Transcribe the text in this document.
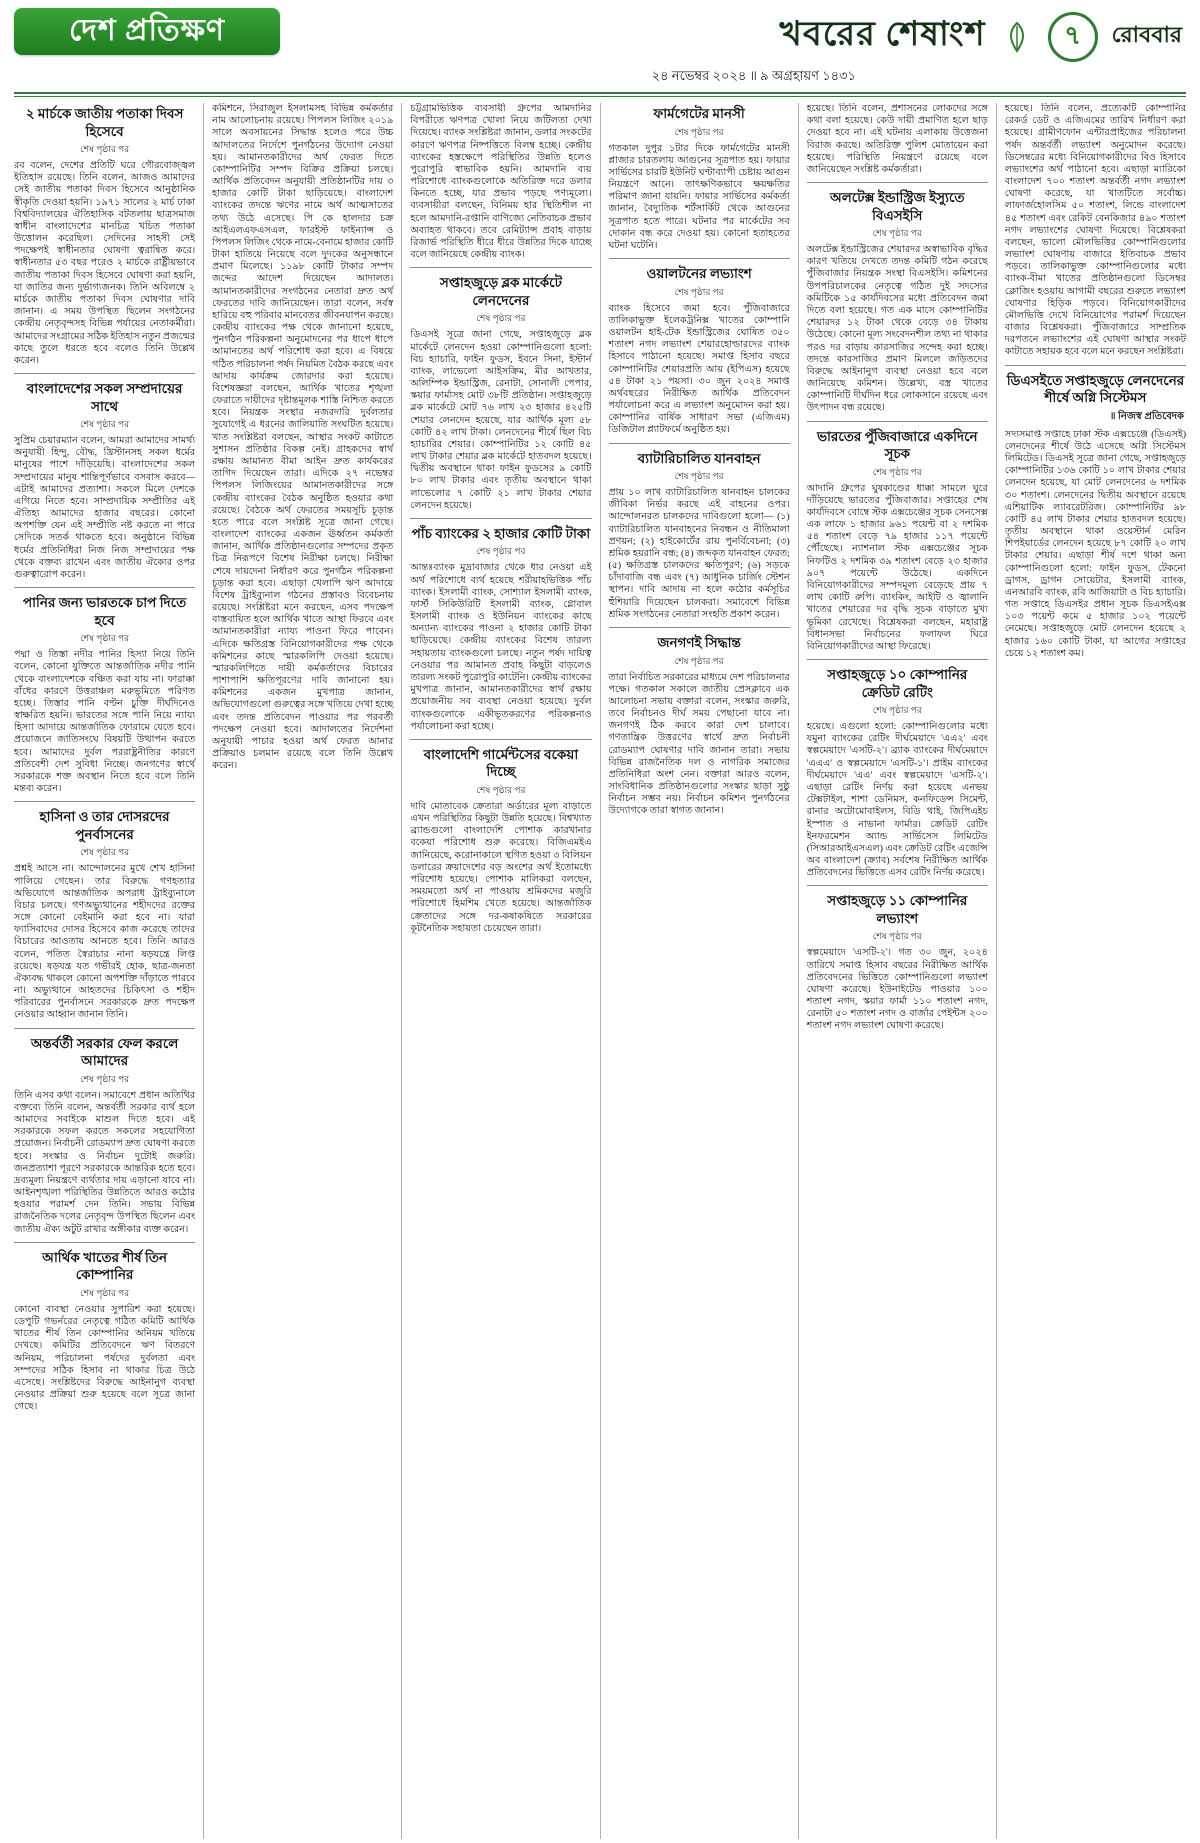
দেশ প্রতিক্ষণ	খবরের শেষাংশ	৭	রোববার
২৪ নভেম্বর ২০২৪ ॥ ৯ অগ্রহায়ণ ১৪৩১
২ মার্চকে জাতীয় পতাকা দিবস হিসেবে
শেষ পৃষ্ঠার পর
রব বলেন, দেশের প্রতিটি ঘরে গৌরবোজ্জ্বল ইতিহাস রয়েছে। তিনি বলেন, আজও আমাদের সেই জাতীয় পতাকা দিবস হিসেবে আনুষ্ঠানিক স্বীকৃতি দেওয়া হয়নি। ১৯৭১ সালের ২ মার্চ ঢাকা বিশ্ববিদ্যালয়ের ঐতিহাসিক বটতলায় ছাত্রসমাজ স্বাধীন বাংলাদেশের মানচিত্র খচিত পতাকা উত্তোলন করেছিল। সেদিনের সাহসী সেই পদক্ষেপই স্বাধীনতার ঘোষণা ত্বরান্বিত করে। স্বাধীনতার ৫৩ বছর পরেও ২ মার্চকে রাষ্ট্রীয়ভাবে জাতীয় পতাকা দিবস হিসেবে ঘোষণা করা হয়নি, যা জাতির জন্য দুর্ভাগ্যজনক। তিনি অবিলম্বে ২ মার্চকে জাতীয় পতাকা দিবস ঘোষণার দাবি জানান। এ সময় উপস্থিত ছিলেন সংগঠনের কেন্দ্রীয় নেতৃবৃন্দসহ বিভিন্ন পর্যায়ের নেতাকর্মীরা। আমাদের সংগ্রামের সঠিক ইতিহাস নতুন প্রজন্মের কাছে তুলে ধরতে হবে বলেও তিনি উল্লেখ করেন।
বাংলাদেশের সকল সম্প্রদায়ের সাথে
শেষ পৃষ্ঠার পর
সুপ্রিম চেয়ারম্যান বলেন, আমরা আমাদের সামর্থ্য অনুযায়ী হিন্দু, বৌদ্ধ, খ্রিস্টানসহ সকল ধর্মের মানুষের পাশে দাঁড়িয়েছি। বাংলাদেশের সকল সম্প্রদায়ের মানুষ শান্তিপূর্ণভাবে বসবাস করবে— এটাই আমাদের প্রত্যাশা। সকলে মিলে দেশকে এগিয়ে নিতে হবে। সাম্প্রদায়িক সম্প্রীতির এই ঐতিহ্য আমাদের হাজার বছরের। কোনো অপশক্তি যেন এই সম্প্রীতি নষ্ট করতে না পারে সেদিকে সতর্ক থাকতে হবে। অনুষ্ঠানে বিভিন্ন ধর্মের প্রতিনিধিরা নিজ নিজ সম্প্রদায়ের পক্ষ থেকে বক্তব্য রাখেন এবং জাতীয় ঐক্যের ওপর গুরুত্বারোপ করেন।
পানির জন্য ভারতকে চাপ দিতে হবে
শেষ পৃষ্ঠার পর
পদ্মা ও তিস্তা নদীর পানির হিস্যা নিয়ে তিনি বলেন, কোনো যুক্তিতে আন্তর্জাতিক নদীর পানি থেকে বাংলাদেশকে বঞ্চিত করা যায় না। ফারাক্কা বাঁধের কারণে উত্তরাঞ্চল মরুভূমিতে পরিণত হচ্ছে। তিস্তার পানি বণ্টন চুক্তি দীর্ঘদিনেও স্বাক্ষরিত হয়নি। ভারতের সঙ্গে পানি নিয়ে ন্যায্য হিস্যা আদায়ে আন্তর্জাতিক ফোরামে যেতে হবে। প্রয়োজনে জাতিসংঘে বিষয়টি উত্থাপন করতে হবে। আমাদের দুর্বল পররাষ্ট্রনীতির কারণে প্রতিবেশী দেশ সুবিধা নিচ্ছে। জনগণের স্বার্থে সরকারকে শক্ত অবস্থান নিতে হবে বলে তিনি মন্তব্য করেন।
হাসিনা ও তার দোসরদের পুনর্বাসনের
শেষ পৃষ্ঠার পর
প্রশ্নই আসে না। আন্দোলনের মুখে শেখ হাসিনা পালিয়ে গেছেন। তার বিরুদ্ধে গণহত্যার অভিযোগে আন্তর্জাতিক অপরাধ ট্রাইব্যুনালে বিচার চলছে। গণঅভ্যুত্থানের শহীদদের রক্তের সঙ্গে কোনো বেইমানি করা হবে না। যারা ফ্যাসিবাদের দোসর হিসেবে কাজ করেছে তাদের বিচারের আওতায় আনতে হবে। তিনি আরও বলেন, পতিত স্বৈরাচার নানা ষড়যন্ত্রে লিপ্ত রয়েছে। ষড়যন্ত্র যত গভীরই হোক, ছাত্র-জনতা ঐক্যবদ্ধ থাকলে কোনো অপশক্তি দাঁড়াতে পারবে না। অভ্যুত্থানে আহতদের চিকিৎসা ও শহীদ পরিবারের পুনর্বাসনে সরকারকে দ্রুত পদক্ষেপ নেওয়ার আহ্বান জানান তিনি।
অন্তর্বর্তী সরকার ফেল করলে আমাদের
শেষ পৃষ্ঠার পর
তিনি এসব কথা বলেন। সমাবেশে প্রধান অতিথির বক্তব্যে তিনি বলেন, অন্তর্বর্তী সরকার ব্যর্থ হলে আমাদের সবাইকে মাশুল দিতে হবে। এই সরকারকে সফল করতে সকলের সহযোগিতা প্রয়োজন। নির্বাচনী রোডম্যাপ দ্রুত ঘোষণা করতে হবে। সংস্কার ও নির্বাচন দুটোই জরুরি। জনপ্রত্যাশা পূরণে সরকারকে আন্তরিক হতে হবে। দ্রব্যমূল্য নিয়ন্ত্রণে ব্যর্থতার দায় এড়ানো যাবে না। আইনশৃঙ্খলা পরিস্থিতির উন্নতিতে আরও কঠোর হওয়ার পরামর্শ দেন তিনি। সভায় বিভিন্ন রাজনৈতিক দলের নেতৃবৃন্দ উপস্থিত ছিলেন এবং জাতীয় ঐক্য অটুট রাখার অঙ্গীকার ব্যক্ত করেন।
আর্থিক খাতের শীর্ষ তিন কোম্পানির
শেষ পৃষ্ঠার পর
কোনো ব্যবস্থা নেওয়ার সুপারিশ করা হয়েছে। ডেপুটি গভর্নরের নেতৃত্বে গঠিত কমিটি আর্থিক খাতের শীর্ষ তিন কোম্পানির অনিয়ম খতিয়ে দেখছে। কমিটির প্রতিবেদনে ঋণ বিতরণে অনিয়ম, পরিচালনা পর্ষদের দুর্বলতা এবং সম্পদের সঠিক হিসাব না থাকার চিত্র উঠে এসেছে। সংশ্লিষ্টদের বিরুদ্ধে আইনানুগ ব্যবস্থা নেওয়ার প্রক্রিয়া শুরু হয়েছে বলে সূত্রে জানা গেছে।
কমিশনে, সিরাজুল ইসলামসহ বিভিন্ন কর্মকর্তার নাম আলোচনায় রয়েছে। পিপলস লিজিং ২০১৯ সালে অবসায়নের সিদ্ধান্ত হলেও পরে উচ্চ আদালতের নির্দেশে পুনর্গঠনের উদ্যোগ নেওয়া হয়। আমানতকারীদের অর্থ ফেরত দিতে কোম্পানিটির সম্পদ বিক্রির প্রক্রিয়া চলছে। আর্থিক প্রতিবেদন অনুযায়ী প্রতিষ্ঠানটির দায় ৩ হাজার কোটি টাকা ছাড়িয়েছে। বাংলাদেশ ব্যাংকের তদন্তে ঋণের নামে অর্থ আত্মসাতের তথ্য উঠে এসেছে। পি কে হালদার চক্র আইএলএফএসএল, ফারইস্ট ফাইন্যান্স ও পিপলস লিজিং থেকে নামে-বেনামে হাজার কোটি টাকা হাতিয়ে নিয়েছে বলে দুদকের অনুসন্ধানে প্রমাণ মিলেছে। ১১৯৮ কোটি টাকার সম্পদ জব্দের আদেশ দিয়েছেন আদালত। আমানতকারীদের সংগঠনের নেতারা দ্রুত অর্থ ফেরতের দাবি জানিয়েছেন। তারা বলেন, সর্বস্ব হারিয়ে বহু পরিবার মানবেতর জীবনযাপন করছে। কেন্দ্রীয় ব্যাংকের পক্ষ থেকে জানানো হয়েছে, পুনর্গঠন পরিকল্পনা অনুমোদনের পর ধাপে ধাপে আমানতের অর্থ পরিশোধ করা হবে। এ বিষয়ে গঠিত পরিচালনা পর্ষদ নিয়মিত বৈঠক করছে এবং আদায় কার্যক্রম জোরদার করা হয়েছে। বিশেষজ্ঞরা বলছেন, আর্থিক খাতের শৃঙ্খলা ফেরাতে দায়ীদের দৃষ্টান্তমূলক শাস্তি নিশ্চিত করতে হবে। নিয়ন্ত্রক সংস্থার নজরদারি দুর্বলতার সুযোগেই এ ধরনের জালিয়াতি সংঘটিত হয়েছে। খাত সংশ্লিষ্টরা বলছেন, আস্থার সংকট কাটাতে সুশাসন প্রতিষ্ঠার বিকল্প নেই। গ্রাহকদের স্বার্থ রক্ষায় আমানত বীমা আইন দ্রুত কার্যকরের তাগিদ দিয়েছেন তারা। এদিকে ২৭ নভেম্বর পিপলস লিজিংয়ের আমানতকারীদের সঙ্গে কেন্দ্রীয় ব্যাংকের বৈঠক অনুষ্ঠিত হওয়ার কথা রয়েছে। বৈঠকে অর্থ ফেরতের সময়সূচি চূড়ান্ত হতে পারে বলে সংশ্লিষ্ট সূত্রে জানা গেছে। বাংলাদেশ ব্যাংকের একজন ঊর্ধ্বতন কর্মকর্তা জানান, আর্থিক প্রতিষ্ঠানগুলোর সম্পদের প্রকৃত চিত্র নিরূপণে বিশেষ নিরীক্ষা চলছে। নিরীক্ষা শেষে দায়দেনা নির্ধারণ করে পুনর্গঠন পরিকল্পনা চূড়ান্ত করা হবে। এছাড়া খেলাপি ঋণ আদায়ে বিশেষ ট্রাইব্যুনাল গঠনের প্রস্তাবও বিবেচনায় রয়েছে। সংশ্লিষ্টরা মনে করছেন, এসব পদক্ষেপ বাস্তবায়িত হলে আর্থিক খাতে আস্থা ফিরবে এবং আমানতকারীরা ন্যায্য পাওনা ফিরে পাবেন। এদিকে ক্ষতিগ্রস্ত বিনিয়োগকারীদের পক্ষ থেকে কমিশনের কাছে স্মারকলিপি দেওয়া হয়েছে। স্মারকলিপিতে দায়ী কর্মকর্তাদের বিচারের পাশাপাশি ক্ষতিপূরণের দাবি জানানো হয়। কমিশনের একজন মুখপাত্র জানান, অভিযোগগুলো গুরুত্বের সঙ্গে খতিয়ে দেখা হচ্ছে এবং তদন্ত প্রতিবেদন পাওয়ার পর পরবর্তী পদক্ষেপ নেওয়া হবে। আদালতের নির্দেশনা অনুযায়ী পাচার হওয়া অর্থ ফেরত আনার প্রক্রিয়াও চলমান রয়েছে বলে তিনি উল্লেখ করেন।
চট্টগ্রামভিত্তিক ব্যবসায়ী গ্রুপের আমদানির বিপরীতে ঋণপত্র খোলা নিয়ে জটিলতা দেখা দিয়েছে। ব্যাংক সংশ্লিষ্টরা জানান, ডলার সংকটের কারণে ঋণপত্র নিষ্পত্তিতে বিলম্ব হচ্ছে। কেন্দ্রীয় ব্যাংকের হস্তক্ষেপে পরিস্থিতির উন্নতি হলেও পুরোপুরি স্বাভাবিক হয়নি। আমদানি ব্যয় পরিশোধে ব্যাংকগুলোকে অতিরিক্ত দরে ডলার কিনতে হচ্ছে, যার প্রভাব পড়ছে পণ্যমূল্যে। ব্যবসায়ীরা বলছেন, বিনিময় হার স্থিতিশীল না হলে আমদানি-রপ্তানি বাণিজ্যে নেতিবাচক প্রভাব অব্যাহত থাকবে। তবে রেমিট্যান্স প্রবাহ বাড়ায় রিজার্ভ পরিস্থিতি ধীরে ধীরে উন্নতির দিকে যাচ্ছে বলে জানিয়েছে কেন্দ্রীয় ব্যাংক।
সপ্তাহজুড়ে ব্লক মার্কেটে লেনদেনের
শেষ পৃষ্ঠার পর
ডিএসই সূত্রে জানা গেছে, সপ্তাহজুড়ে ব্লক মার্কেটে লেনদেন হওয়া কোম্পানিগুলো হলো: বিচ হ্যাচারি, ফাইন ফুডস, ইবনে সিনা, ইস্টার্ন ব্যাংক, লাভেলো আইসক্রিম, মীর আখতার, অলিম্পিক ইন্ডাস্ট্রিজ, রেনাটা, সোনালী পেপার, স্কয়ার ফার্মাসহ মোট ৩৮টি প্রতিষ্ঠান। সপ্তাহজুড়ে ব্লক মার্কেটে মোট ৭৬ লাখ ২৩ হাজার ৪২৫টি শেয়ার লেনদেন হয়েছে, যার আর্থিক মূল্য ৫৮ কোটি ৪২ লাখ টাকা। লেনদেনের শীর্ষে ছিল বিচ হ্যাচারির শেয়ার। কোম্পানিটির ১২ কোটি ৪৫ লাখ টাকার শেয়ার ব্লক মার্কেটে হাতবদল হয়েছে। দ্বিতীয় অবস্থানে থাকা ফাইন ফুডসের ৯ কোটি ৮০ লাখ টাকার এবং তৃতীয় অবস্থানে থাকা লাভেলোর ৭ কোটি ২১ লাখ টাকার শেয়ার লেনদেন হয়েছে।
পাঁচ ব্যাংকের ২ হাজার কোটি টাকা
শেষ পৃষ্ঠার পর
আন্তঃব্যাংক মুদ্রাবাজার থেকে ধার নেওয়া এই অর্থ পরিশোধে ব্যর্থ হয়েছে শরীয়াহভিত্তিক পাঁচ ব্যাংক। ইসলামী ব্যাংক, সোশ্যাল ইসলামী ব্যাংক, ফার্স্ট সিকিউরিটি ইসলামী ব্যাংক, গ্লোবাল ইসলামী ব্যাংক ও ইউনিয়ন ব্যাংকের কাছে অন্যান্য ব্যাংকের পাওনা ২ হাজার কোটি টাকা ছাড়িয়েছে। কেন্দ্রীয় ব্যাংকের বিশেষ তারল্য সহায়তায় ব্যাংকগুলো চলছে। নতুন পর্ষদ দায়িত্ব নেওয়ার পর আমানত প্রবাহ কিছুটা বাড়লেও তারল্য সংকট পুরোপুরি কাটেনি। কেন্দ্রীয় ব্যাংকের মুখপাত্র জানান, আমানতকারীদের স্বার্থ রক্ষায় প্রয়োজনীয় সব ব্যবস্থা নেওয়া হয়েছে। দুর্বল ব্যাংকগুলোকে একীভূতকরণের পরিকল্পনাও পর্যালোচনা করা হচ্ছে।
বাংলাদেশি গার্মেন্টসের বকেয়া দিচ্ছে
শেষ পৃষ্ঠার পর
দাবি মোতাবেক ক্রেতারা অর্ডারের মূল্য বাড়াতে এখন পরিস্থিতির কিছুটা উন্নতি হয়েছে। বিশ্বখ্যাত ব্র্যান্ডগুলো বাংলাদেশি পোশাক কারখানার বকেয়া পরিশোধ শুরু করেছে। বিজিএমইএ জানিয়েছে, করোনাকালে স্থগিত হওয়া ৩ বিলিয়ন ডলারের ক্রয়াদেশের বড় অংশের অর্থ ইতোমধ্যে পরিশোধ হয়েছে। পোশাক মালিকরা বলছেন, সময়মতো অর্থ না পাওয়ায় শ্রমিকদের মজুরি পরিশোধে হিমশিম খেতে হয়েছে। আন্তর্জাতিক ক্রেতাদের সঙ্গে দর-কষাকষিতে সরকারের কূটনৈতিক সহায়তা চেয়েছেন তারা।
ফার্মগেটের মানসী
শেষ পৃষ্ঠার পর
গতকাল দুপুর ১টার দিকে ফার্মগেটের মানসী প্লাজার চারতলায় আগুনের সূত্রপাত হয়। ফায়ার সার্ভিসের চারটি ইউনিট ঘণ্টাব্যাপী চেষ্টায় আগুন নিয়ন্ত্রণে আনে। তাৎক্ষণিকভাবে ক্ষয়ক্ষতির পরিমাণ জানা যায়নি। ফায়ার সার্ভিসের কর্মকর্তা জানান, বৈদ্যুতিক শর্টসার্কিট থেকে আগুনের সূত্রপাত হতে পারে। ঘটনার পর মার্কেটের সব দোকান বন্ধ করে দেওয়া হয়। কোনো হতাহতের ঘটনা ঘটেনি।
ওয়ালটনের লভ্যাংশ
শেষ পৃষ্ঠার পর
ব্যাংক হিসেবে জমা হবে। পুঁজিবাজারে তালিকাভুক্ত ইলেকট্রনিক্স খাতের কোম্পানি ওয়ালটন হাই-টেক ইন্ডাস্ট্রিজের ঘোষিত ৩৫০ শতাংশ নগদ লভ্যাংশ শেয়ারহোল্ডারদের ব্যাংক হিসাবে পাঠানো হয়েছে। সমাপ্ত হিসাব বছরে কোম্পানিটির শেয়ারপ্রতি আয় (ইপিএস) হয়েছে ৫৪ টাকা ২১ পয়সা। ৩০ জুন ২০২৪ সমাপ্ত অর্থবছরের নিরীক্ষিত আর্থিক প্রতিবেদন পর্যালোচনা করে এ লভ্যাংশ অনুমোদন করা হয়। কোম্পানির বার্ষিক সাধারণ সভা (এজিএম) ডিজিটাল প্ল্যাটফর্মে অনুষ্ঠিত হয়।
ব্যাটারিচালিত যানবাহন
শেষ পৃষ্ঠার পর
প্রায় ১০ লাখ ব্যাটারিচালিত যানবাহন চালকের জীবিকা নির্ভর করছে এই বাহনের ওপর। আন্দোলনরত চালকদের দাবিগুলো হলো— (১) ব্যাটারিচালিত যানবাহনের নিবন্ধন ও নীতিমালা প্রণয়ন; (২) হাইকোর্টের রায় পুনর্বিবেচনা; (৩) শ্রমিক হয়রানি বন্ধ; (৪) জব্দকৃত যানবাহন ফেরত; (৫) ক্ষতিগ্রস্ত চালকদের ক্ষতিপূরণ; (৬) সড়কে চাঁদাবাজি বন্ধ এবং (৭) আধুনিক চার্জিং স্টেশন স্থাপন। দাবি আদায় না হলে কঠোর কর্মসূচির হুঁশিয়ারি দিয়েছেন চালকরা। সমাবেশে বিভিন্ন শ্রমিক সংগঠনের নেতারা সংহতি প্রকাশ করেন।
জনগণই সিদ্ধান্ত
শেষ পৃষ্ঠার পর
তারা নির্বাচিত সরকারের মাধ্যমে দেশ পরিচালনার পক্ষে। গতকাল সকালে জাতীয় প্রেসক্লাবে এক আলোচনা সভায় বক্তারা বলেন, সংস্কার জরুরি, তবে নির্বাচনও দীর্ঘ সময় পেছানো যাবে না। জনগণই ঠিক করবে কারা দেশ চালাবে। গণতান্ত্রিক উত্তরণের স্বার্থে দ্রুত নির্বাচনী রোডম্যাপ ঘোষণার দাবি জানান তারা। সভায় বিভিন্ন রাজনৈতিক দল ও নাগরিক সমাজের প্রতিনিধিরা অংশ নেন। বক্তারা আরও বলেন, সাংবিধানিক প্রতিষ্ঠানগুলোর সংস্কার ছাড়া সুষ্ঠু নির্বাচন সম্ভব নয়। নির্বাচন কমিশন পুনর্গঠনের উদ্যোগকে তারা স্বাগত জানান।
হয়েছে। তিনি বলেন, প্রশাসনের লোকদের সঙ্গে কথা বলা হয়েছে। কেউ দায়ী প্রমাণিত হলে ছাড় দেওয়া হবে না। এই ঘটনায় এলাকায় উত্তেজনা বিরাজ করছে। অতিরিক্ত পুলিশ মোতায়েন করা হয়েছে। পরিস্থিতি নিয়ন্ত্রণে রয়েছে বলে জানিয়েছেন সংশ্লিষ্ট কর্মকর্তারা।
অলটেক্স ইন্ডাস্ট্রিজ ইস্যুতে বিএসইসি
শেষ পৃষ্ঠার পর
অলটেক্স ইন্ডাস্ট্রিজের শেয়ারদর অস্বাভাবিক বৃদ্ধির কারণ খতিয়ে দেখতে তদন্ত কমিটি গঠন করেছে পুঁজিবাজার নিয়ন্ত্রক সংস্থা বিএসইসি। কমিশনের উপপরিচালকের নেতৃত্বে গঠিত দুই সদস্যের কমিটিকে ১৫ কার্যদিবসের মধ্যে প্রতিবেদন জমা দিতে বলা হয়েছে। গত এক মাসে কোম্পানিটির শেয়ারদর ১২ টাকা থেকে বেড়ে ৩৪ টাকায় উঠেছে। কোনো মূল্য সংবেদনশীল তথ্য না থাকার পরও দর বাড়ায় কারসাজির সন্দেহ করা হচ্ছে। তদন্তে কারসাজির প্রমাণ মিললে জড়িতদের বিরুদ্ধে আইনানুগ ব্যবস্থা নেওয়া হবে বলে জানিয়েছে কমিশন। উল্লেখ্য, বস্ত্র খাতের কোম্পানিটি দীর্ঘদিন ধরে লোকসানে রয়েছে এবং উৎপাদন বন্ধ রয়েছে।
ভারতের পুঁজিবাজারে একদিনে সূচক
শেষ পৃষ্ঠার পর
আদানি গ্রুপের ঘুষকাণ্ডের ধাক্কা সামলে ঘুরে দাঁড়িয়েছে ভারতের পুঁজিবাজার। সপ্তাহের শেষ কার্যদিবসে বোম্বে স্টক এক্সচেঞ্জের সূচক সেনসেক্স এক লাফে ১ হাজার ৯৬১ পয়েন্ট বা ২ দশমিক ৫৪ শতাংশ বেড়ে ৭৯ হাজার ১১৭ পয়েন্টে পৌঁছেছে। ন্যাশনাল স্টক এক্সচেঞ্জের সূচক নিফটিও ২ দশমিক ৩৯ শতাংশ বেড়ে ২৩ হাজার ৯০৭ পয়েন্টে উঠেছে। একদিনে বিনিয়োগকারীদের সম্পদমূল্য বেড়েছে প্রায় ৭ লাখ কোটি রুপি। ব্যাংকিং, আইটি ও জ্বালানি খাতের শেয়ারের দর বৃদ্ধি সূচক বাড়াতে মুখ্য ভূমিকা রেখেছে। বিশ্লেষকরা বলছেন, মহারাষ্ট্র বিধানসভা নির্বাচনের ফলাফল ঘিরে বিনিয়োগকারীদের আস্থা ফিরেছে।
সপ্তাহজুড়ে ১০ কোম্পানির ক্রেডিট রেটিং
শেষ পৃষ্ঠার পর
হয়েছে। এগুলো হলো: কোম্পানিগুলোর মধ্যে যমুনা ব্যাংকের রেটিং দীর্ঘমেয়াদে 'এএ২' এবং স্বল্পমেয়াদে 'এসটি-২'। ব্র্যাক ব্যাংকের দীর্ঘমেয়াদে 'এএএ' ও স্বল্পমেয়াদে 'এসটি-১'। প্রাইম ব্যাংকের দীর্ঘমেয়াদে 'এএ' এবং স্বল্পমেয়াদে 'এসটি-২'। এছাড়া রেটিং নির্ণয় করা হয়েছে এনভয় টেক্সটাইল, শাশা ডেনিমস, কনফিডেন্স সিমেন্ট, রানার অটোমোবাইলস, বিডি থাই, জিপিএইচ ইস্পাত ও নাভানা ফার্মার। ক্রেডিট রেটিং ইনফরমেশন অ্যান্ড সার্ভিসেস লিমিটেড (সিআরআইএসএল) এবং ক্রেডিট রেটিং এজেন্সি অব বাংলাদেশ (ক্র্যাব) সর্বশেষ নিরীক্ষিত আর্থিক প্রতিবেদনের ভিত্তিতে এসব রেটিং নির্ণয় করেছে।
সপ্তাহজুড়ে ১১ কোম্পানির লভ্যাংশ
শেষ পৃষ্ঠার পর
স্বল্পমেয়াদে 'এসটি-২'। গত ৩০ জুন, ২০২৪ তারিখে সমাপ্ত হিসাব বছরের নিরীক্ষিত আর্থিক প্রতিবেদনের ভিত্তিতে কোম্পানিগুলো লভ্যাংশ ঘোষণা করেছে। ইউনাইটেড পাওয়ার ১০০ শতাংশ নগদ, স্কয়ার ফার্মা ১১০ শতাংশ নগদ, রেনাটা ৫০ শতাংশ নগদ ও বার্জার পেইন্টস ২০০ শতাংশ নগদ লভ্যাংশ ঘোষণা করেছে।
হয়েছে। তিনি বলেন, প্রত্যেকটি কোম্পানির রেকর্ড ডেট ও এজিএমের তারিখ নির্ধারণ করা হয়েছে। গ্রামীণফোন এন্টারপ্রাইজের পরিচালনা পর্ষদ অন্তর্বর্তী লভ্যাংশ অনুমোদন করেছে। ডিসেম্বরের মধ্যে বিনিয়োগকারীদের বিও হিসাবে লভ্যাংশের অর্থ পাঠানো হবে। এছাড়া ম্যারিকো বাংলাদেশ ৭০০ শতাংশ অন্তর্বর্তী নগদ লভ্যাংশ ঘোষণা করেছে, যা খাতটিতে সর্বোচ্চ। লাফার্জহোলসিম ৫০ শতাংশ, লিন্ডে বাংলাদেশ ৪৫ শতাংশ এবং রেকিট বেনকিজার ৪৯০ শতাংশ নগদ লভ্যাংশের ঘোষণা দিয়েছে। বিশ্লেষকরা বলছেন, ভালো মৌলভিত্তির কোম্পানিগুলোর লভ্যাংশ ঘোষণায় বাজারে ইতিবাচক প্রভাব পড়বে। তালিকাভুক্ত কোম্পানিগুলোর মধ্যে ব্যাংক-বীমা খাতের প্রতিষ্ঠানগুলো ডিসেম্বর ক্লোজিং হওয়ায় আগামী বছরের শুরুতে লভ্যাংশ ঘোষণার হিড়িক পড়বে। বিনিয়োগকারীদের মৌলভিত্তি দেখে বিনিয়োগের পরামর্শ দিয়েছেন বাজার বিশ্লেষকরা। পুঁজিবাজারে সাম্প্রতিক দরপতনে লভ্যাংশের এই ঘোষণা আস্থার সংকট কাটাতে সহায়ক হবে বলে মনে করছেন সংশ্লিষ্টরা।
ডিএসইতে সপ্তাহজুড়ে লেনদেনের শীর্ষে অগ্নি সিস্টেমস
॥ নিজস্ব প্রতিবেদক
সদ্যসমাপ্ত সপ্তাহে ঢাকা স্টক এক্সচেঞ্জে (ডিএসই) লেনদেনের শীর্ষে উঠে এসেছে অগ্নি সিস্টেমস লিমিটেড। ডিএসই সূত্রে জানা গেছে, সপ্তাহজুড়ে কোম্পানিটির ১৩৬ কোটি ১০ লাখ টাকার শেয়ার লেনদেন হয়েছে, যা মোট লেনদেনের ৬ দশমিক ৩০ শতাংশ। লেনদেনের দ্বিতীয় অবস্থানে রয়েছে এশিয়াটিক ল্যাবরেটরিজ। কোম্পানিটির ৯৮ কোটি ৪৫ লাখ টাকার শেয়ার হাতবদল হয়েছে। তৃতীয় অবস্থানে থাকা ওয়েস্টার্ন মেরিন শিপইয়ার্ডের লেনদেন হয়েছে ৮৭ কোটি ২০ লাখ টাকার শেয়ার। এছাড়া শীর্ষ দশে থাকা অন্য কোম্পানিগুলো হলো: ফাইন ফুডস, টেকনো ড্রাগস, ড্রাগন সোয়েটার, ইসলামী ব্যাংক, এনআরবি ব্যাংক, রবি আজিয়াটা ও বিচ হ্যাচারি। গত সপ্তাহে ডিএসইর প্রধান সূচক ডিএসইএক্স ১০৩ পয়েন্ট কমে ৫ হাজার ১০২ পয়েন্টে নেমেছে। সপ্তাহজুড়ে মোট লেনদেন হয়েছে ২ হাজার ১৬০ কোটি টাকা, যা আগের সপ্তাহের চেয়ে ১২ শতাংশ কম।
